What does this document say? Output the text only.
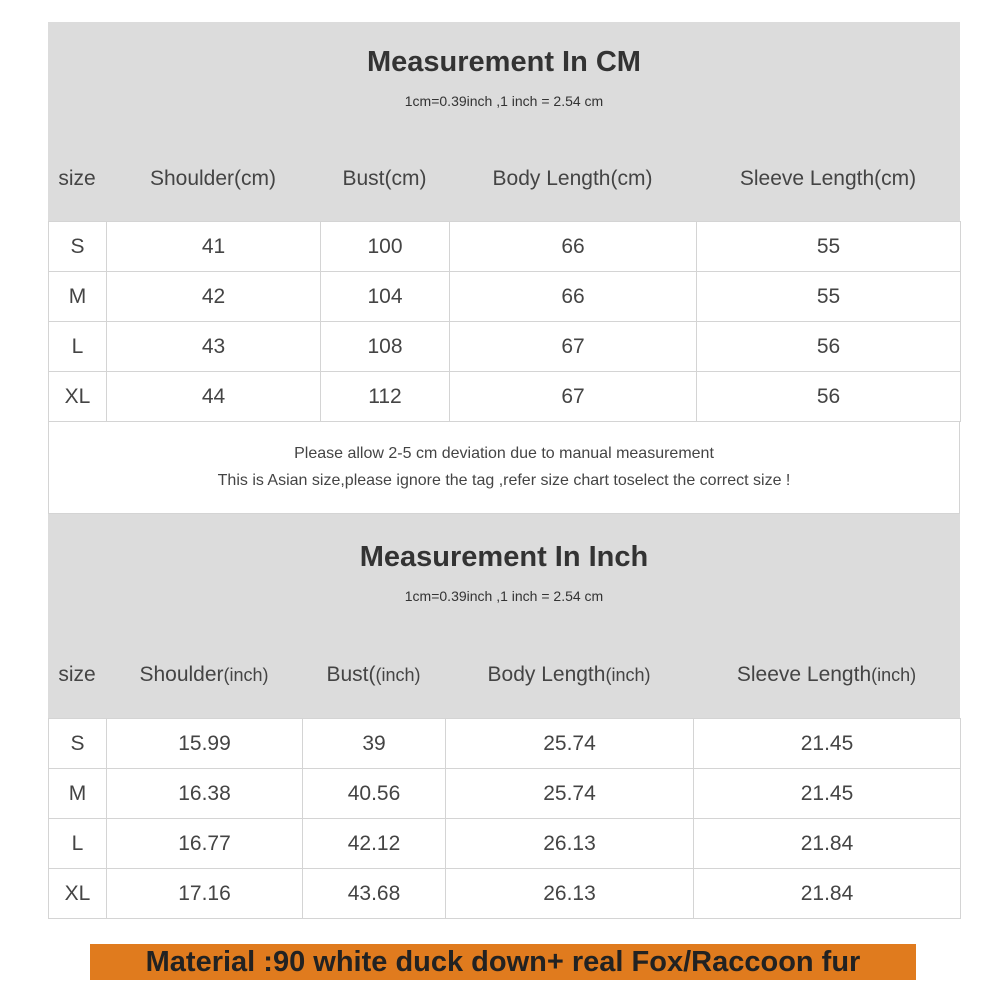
Measurement In CM
1cm=0.39inch ,1 inch = 2.54 cm
size	Shoulder(cm)	Bust(cm)	Body Length(cm)	Sleeve Length(cm)
S	41	100	66	55
M	42	104	66	55
L	43	108	67	56
XL	44	112	67	56
Please allow 2-5 cm deviation due to manual measurement
This is Asian size,please ignore the tag ,refer size chart toselect the correct size !
Measurement In Inch
1cm=0.39inch ,1 inch = 2.54 cm
size	Shoulder(inch)	Bust((inch)	Body Length(inch)	Sleeve Length(inch)
S	15.99	39	25.74	21.45
M	16.38	40.56	25.74	21.45
L	16.77	42.12	26.13	21.84
XL	17.16	43.68	26.13	21.84
Material :90 white duck down+ real Fox/Raccoon fur
